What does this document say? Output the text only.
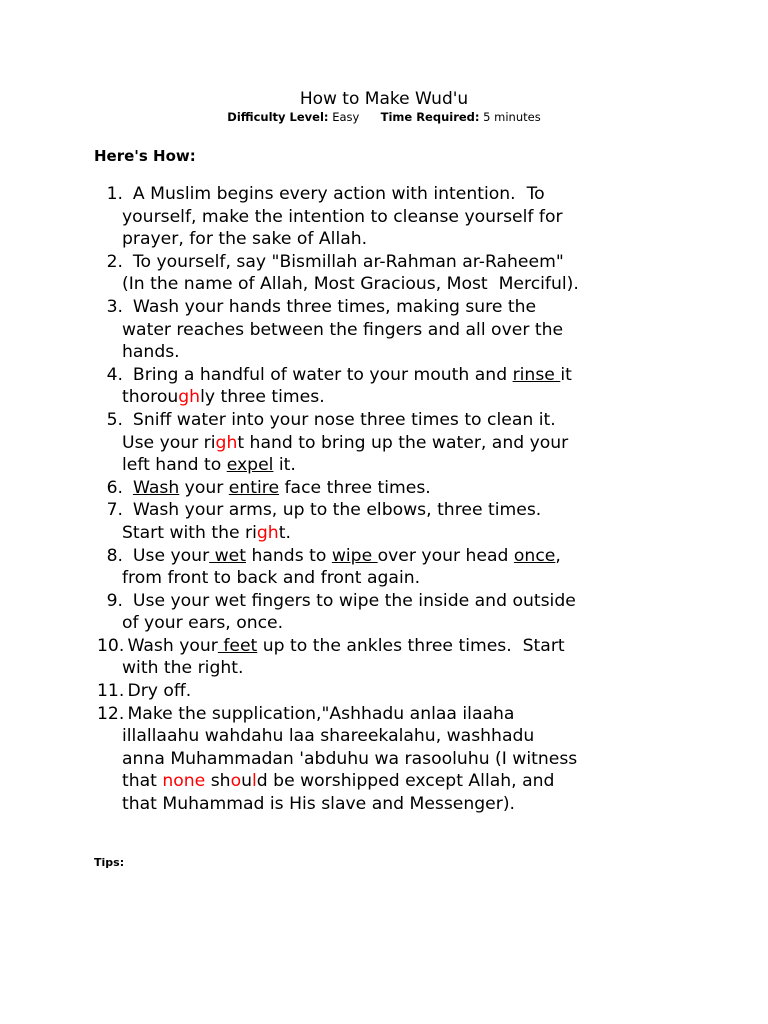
How to Make Wud'u
Difficulty Level: Easy Time Required: 5 minutes
Here's How:
1. A Muslim begins every action with intention.  To
yourself, make the intention to cleanse yourself for
prayer, for the sake of Allah.
2. To yourself, say "Bismillah ar-Rahman ar-Raheem"
(In the name of Allah, Most Gracious, Most  Merciful).
3. Wash your hands three times, making sure the
water reaches between the fingers and all over the
hands.
4. Bring a handful of water to your mouth and rinse it
thoroughly three times.
5. Sniff water into your nose three times to clean it.
Use your right hand to bring up the water, and your
left hand to expel it.
6. Wash your entire face three times.
7. Wash your arms, up to the elbows, three times.
Start with the right.
8. Use your wet hands to wipe over your head once,
from front to back and front again.
9. Use your wet fingers to wipe the inside and outside
of your ears, once.
10.
Wash your feet up to the ankles three times.  Start
with the right.
11.
Dry off.
12.
Make the supplication,"Ashhadu anlaa ilaaha
illallaahu wahdahu laa shareekalahu, washhadu
anna Muhammadan 'abduhu wa rasooluhu (I witness
that none should be worshipped except Allah, and
that Muhammad is His slave and Messenger).
Tips:
